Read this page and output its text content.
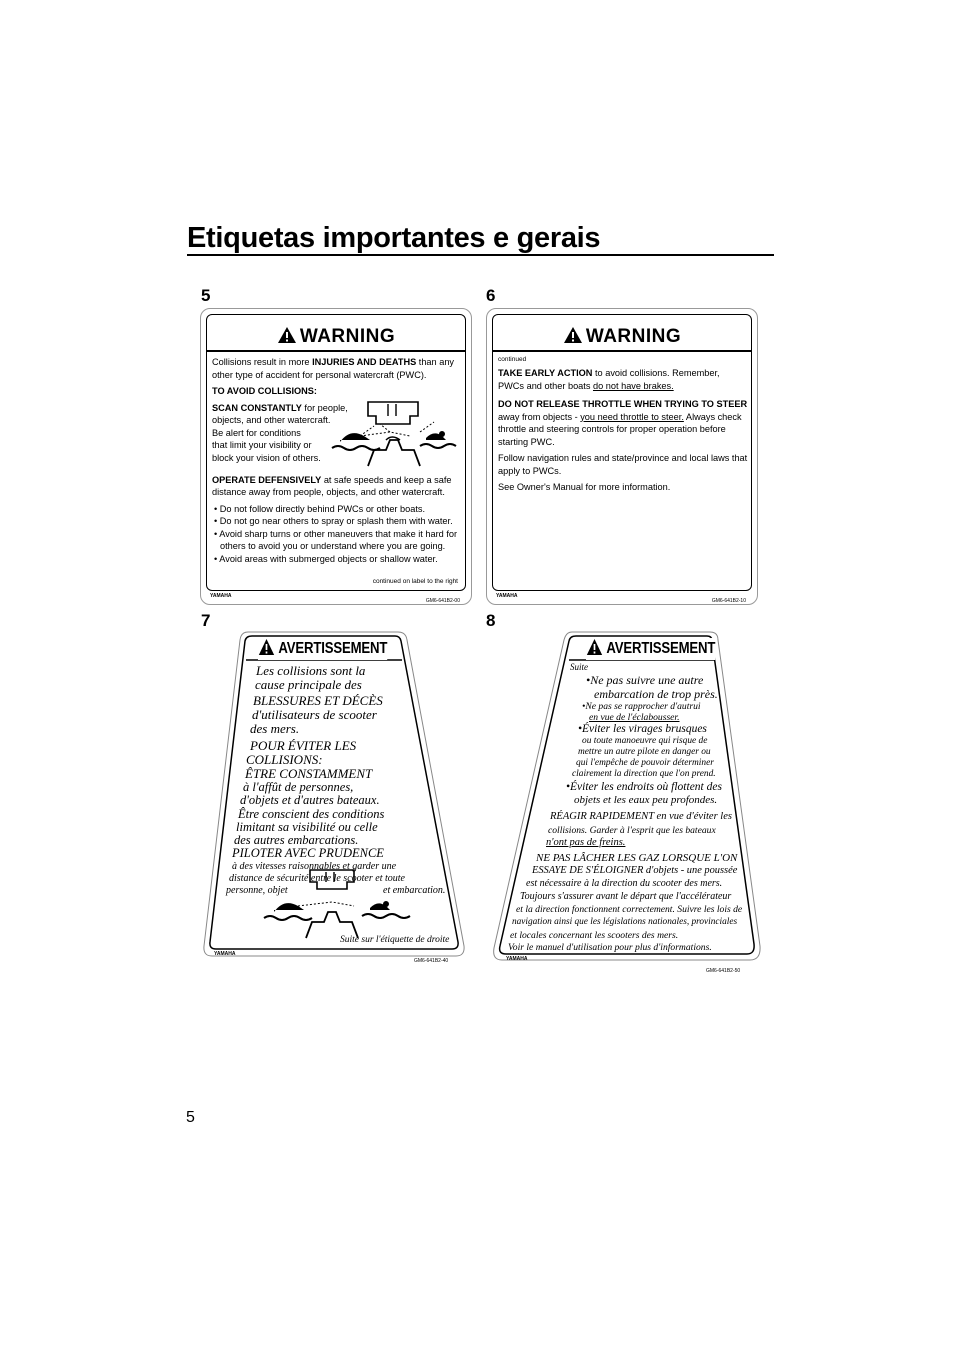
Etiquetas importantes e gerais
5
WARNING

Collisions result in more INJURIES AND DEATHS than any other type of accident for personal watercraft (PWC).

TO AVOID COLLISIONS:

SCAN CONSTANTLY for people,
objects, and other watercraft.
Be alert for conditions
that limit your visibility or
block your vision of others.

OPERATE DEFENSIVELY at safe speeds and keep a safe distance away from people, objects, and other watercraft.

• Do not follow directly behind PWCs or other boats.
• Do not go near others to spray or splash them with water.
• Avoid sharp turns or other maneuvers that make it hard for others to avoid you or understand where you are going.
• Avoid areas with submerged objects or shallow water.
continued on label to the right
YAMAHA
GM6-641B2-00
6
WARNING

continued

TAKE EARLY ACTION to avoid collisions. Remember, PWCs and other boats do not have brakes.

DO NOT RELEASE THROTTLE WHEN TRYING TO STEER away from objects - you need throttle to steer. Always check throttle and steering controls for proper operation before starting PWC.

Follow navigation rules and state/province and local laws that apply to PWCs.

See Owner's Manual for more information.

YAMAHA
GM6-641B2-10
7
AVERTISSEMENT

Les collisions sont la

cause principale des

BLESSURES ET DÉCÈS

d'utilisateurs de scooter

des mers.

POUR ÉVITER LES

COLLISIONS:

ÊTRE CONSTAMMENT

à l'affût de personnes,

d'objets et d'autres bateaux.

Être conscient des conditions

limitant sa visibilité ou celle

des autres embarcations.

PILOTER AVEC PRUDENCE

à des vitesses raisonnables et garder une

distance de sécurité entre le scooter et toute

personne, objet	et embarcation.

Suite sur l'étiquette de droite
YAMAHA
GM6-641B2-40
8
AVERTISSEMENT

Suite

•Ne pas suivre une autre

embarcation de trop près.

•Ne pas se rapprocher d'autrui

en vue de l'éclabousser.

•Éviter les virages brusques

ou toute manoeuvre qui risque de

mettre un autre pilote en danger ou

qui l'empêche de pouvoir déterminer

clairement la direction que l'on prend.

•Éviter les endroits où flottent des

objets et les eaux peu profondes.

RÉAGIR RAPIDEMENT en vue d'éviter les

collisions. Garder à l'esprit que les bateaux

n'ont pas de freins.

NE PAS LÂCHER LES GAZ LORSQUE L'ON

ESSAYE DE S'ÉLOIGNER d'objets - une poussée

est nécessaire à la direction du scooter des mers.

Toujours s'assurer avant le départ que l'accélérateur

et la direction fonctionnent correctement. Suivre les lois de

navigation ainsi que les législations nationales, provinciales

et locales concernant les scooters des mers.

Voir le manuel d'utilisation pour plus d'informations.

YAMAHA
GM6-641B2-50
5
